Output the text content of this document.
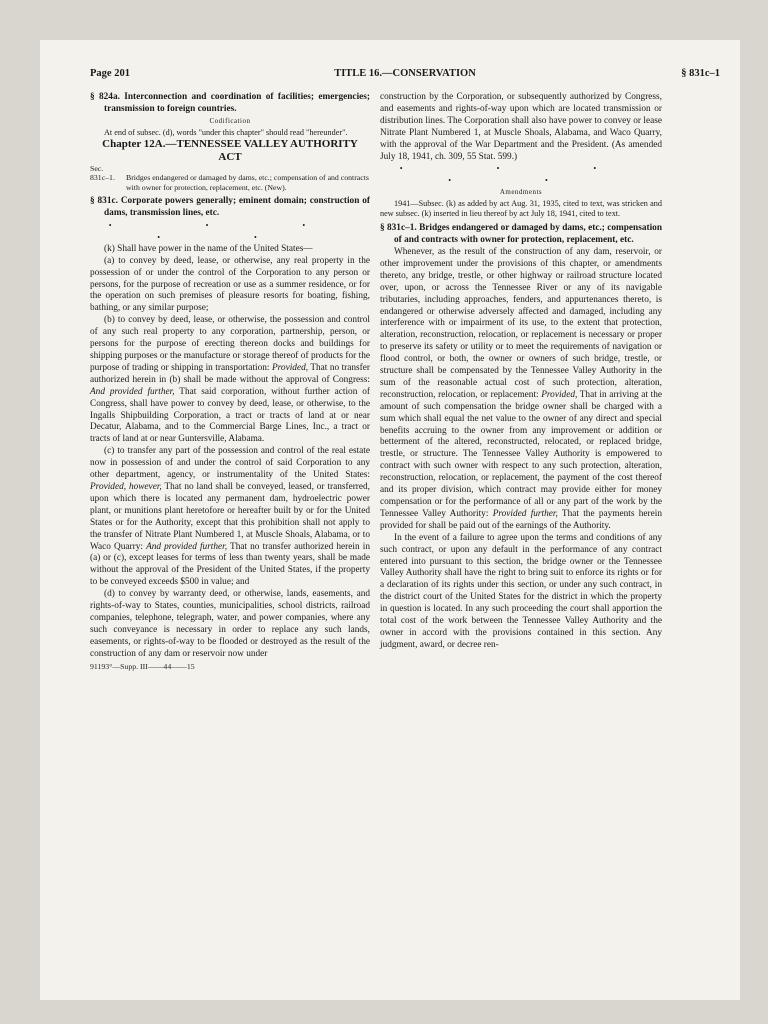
Page 201	TITLE 16.—CONSERVATION	§ 831c–1

§ 824a. Interconnection and coordination of facilities; emergencies; transmission to foreign countries.

Codification

At end of subsec. (d), words "under this chapter" should read "hereunder".

Chapter 12A.—TENNESSEE VALLEY AUTHORITY ACT

Sec.

831c–1.	Bridges endangered or damaged by dams, etc.; compensation of and contracts with owner for protection, replacement, etc. (New).

§ 831c. Corporate powers generally; eminent domain; construction of dams, transmission lines, etc.

• • • • •

(k) Shall have power in the name of the United States—

(a) to convey by deed, lease, or otherwise, any real property in the possession of or under the control of the Corporation to any person or persons, for the purpose of recreation or use as a summer residence, or for the operation on such premises of pleasure resorts for boating, fishing, bathing, or any similar purpose;

(b) to convey by deed, lease, or otherwise, the possession and control of any such real property to any corporation, partnership, person, or persons for the purpose of erecting thereon docks and buildings for shipping purposes or the manufacture or storage thereof of products for the purpose of trading or shipping in transportation: Provided, That no transfer authorized herein in (b) shall be made without the approval of Congress: And provided further, That said corporation, without further action of Congress, shall have power to convey by deed, lease, or otherwise, to the Ingalls Shipbuilding Corporation, a tract or tracts of land at or near Decatur, Alabama, and to the Commercial Barge Lines, Inc., a tract or tracts of land at or near Guntersville, Alabama.

(c) to transfer any part of the possession and control of the real estate now in possession of and under the control of said Corporation to any other department, agency, or instrumentality of the United States: Provided, however, That no land shall be conveyed, leased, or transferred, upon which there is located any permanent dam, hydroelectric power plant, or munitions plant heretofore or hereafter built by or for the United States or for the Authority, except that this prohibition shall not apply to the transfer of Nitrate Plant Numbered 1, at Muscle Shoals, Alabama, or to Waco Quarry: And provided further, That no transfer authorized herein in (a) or (c), except leases for terms of less than twenty years, shall be made without the approval of the President of the United States, if the property to be conveyed exceeds $500 in value; and

(d) to convey by warranty deed, or otherwise, lands, easements, and rights-of-way to States, counties, municipalities, school districts, railroad companies, telephone, telegraph, water, and power companies, where any such conveyance is necessary in order to replace any such lands, easements, or rights-of-way to be flooded or destroyed as the result of the construction of any dam or reservoir now under

91193°—Supp. III——44——15

construction by the Corporation, or subsequently authorized by Congress, and easements and rights-of-way upon which are located transmission or distribution lines. The Corporation shall also have power to convey or lease Nitrate Plant Numbered 1, at Muscle Shoals, Alabama, and Waco Quarry, with the approval of the War Department and the President. (As amended July 18, 1941, ch. 309, 55 Stat. 599.)

• • • • •

Amendments

1941—Subsec. (k) as added by act Aug. 31, 1935, cited to text, was stricken and new subsec. (k) inserted in lieu thereof by act July 18, 1941, cited to text.

§ 831c–1. Bridges endangered or damaged by dams, etc.; compensation of and contracts with owner for protection, replacement, etc.

Whenever, as the result of the construction of any dam, reservoir, or other improvement under the provisions of this chapter, or amendments thereto, any bridge, trestle, or other highway or railroad structure located over, upon, or across the Tennessee River or any of its navigable tributaries, including approaches, fenders, and appurtenances thereto, is endangered or otherwise adversely affected and damaged, including any interference with or impairment of its use, to the extent that protection, alteration, reconstruction, relocation, or replacement is necessary or proper to preserve its safety or utility or to meet the requirements of navigation or flood control, or both, the owner or owners of such bridge, trestle, or structure shall be compensated by the Tennessee Valley Authority in the sum of the reasonable actual cost of such protection, alteration, reconstruction, relocation, or replacement: Provided, That in arriving at the amount of such compensation the bridge owner shall be charged with a sum which shall equal the net value to the owner of any direct and special benefits accruing to the owner from any improvement or addition or betterment of the altered, reconstructed, relocated, or replaced bridge, trestle, or structure. The Tennessee Valley Authority is empowered to contract with such owner with respect to any such protection, alteration, reconstruction, relocation, or replacement, the payment of the cost thereof and its proper division, which contract may provide either for money compensation or for the performance of all or any part of the work by the Tennessee Valley Authority: Provided further, That the payments herein provided for shall be paid out of the earnings of the Authority.

In the event of a failure to agree upon the terms and conditions of any such contract, or upon any default in the performance of any contract entered into pursuant to this section, the bridge owner or the Tennessee Valley Authority shall have the right to bring suit to enforce its rights or for a declaration of its rights under this section, or under any such contract, in the district court of the United States for the district in which the property in question is located. In any such proceeding the court shall apportion the total cost of the work between the Tennessee Valley Authority and the owner in accord with the provisions contained in this section. Any judgment, award, or decree ren-
